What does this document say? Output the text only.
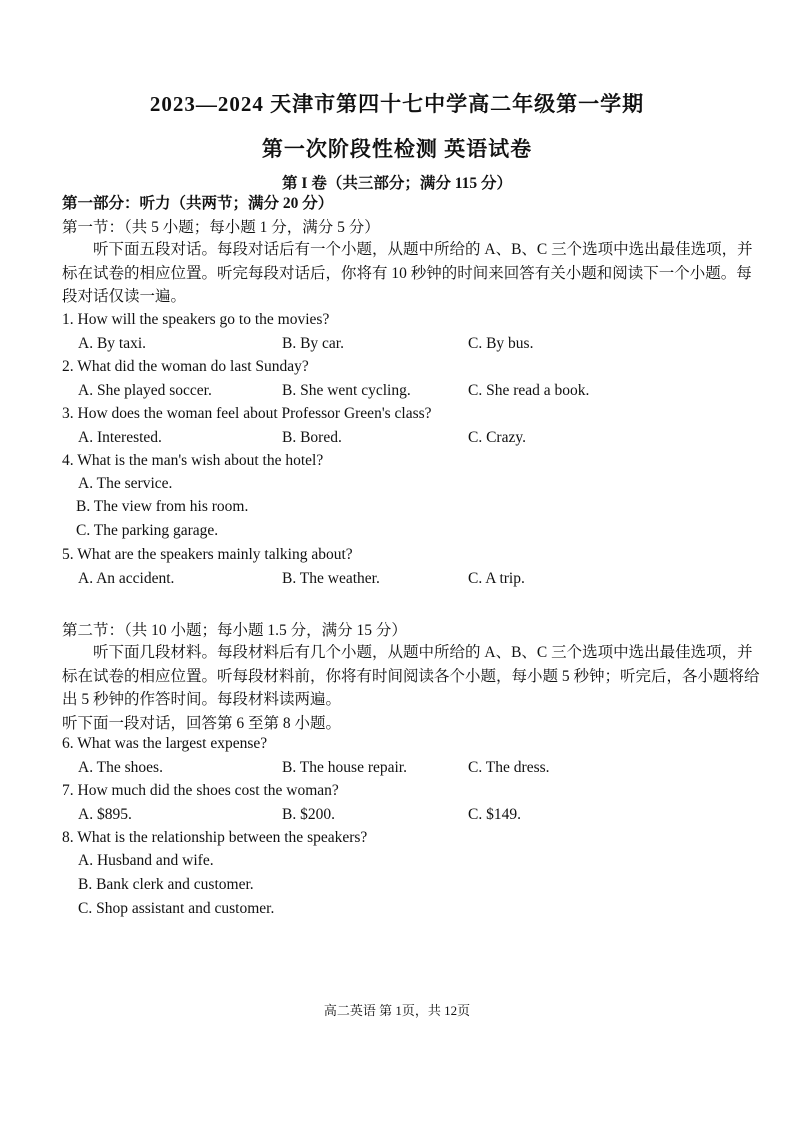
2023—2024 天津市第四十七中学高二年级第一学期
第一次阶段性检测 英语试卷
第 I 卷（共三部分；满分 115 分）
第一部分：听力（共两节；满分 20 分）
第一节：（共 5 小题；每小题 1 分，满分 5 分）
听下面五段对话。每段对话后有一个小题，从题中所给的 A、B、C 三个选项中选出最佳选项，并标在试卷的相应位置。听完每段对话后，你将有 10 秒钟的时间来回答有关小题和阅读下一个小题。每段对话仅读一遍。
1. How will the speakers go to the movies?
A. By taxi.	B. By car.	C. By bus.
2. What did the woman do last Sunday?
A. She played soccer.	B. She went cycling.	C. She read a book.
3. How does the woman feel about Professor Green's class?
A. Interested.	B. Bored.	C. Crazy.
4. What is the man's wish about the hotel?
A. The service.
B. The view from his room.
C. The parking garage.
5. What are the speakers mainly talking about?
A. An accident.	B. The weather.	C. A trip.
第二节：（共 10 小题；每小题 1.5 分，满分 15 分）
听下面几段材料。每段材料后有几个小题，从题中所给的 A、B、C 三个选项中选出最佳选项，并标在试卷的相应位置。听每段材料前，你将有时间阅读各个小题，每小题 5 秒钟；听完后，各小题将给出 5 秒钟的作答时间。每段材料读两遍。
听下面一段对话，回答第 6 至第 8 小题。
6. What was the largest expense?
A. The shoes.	B. The house repair.	C. The dress.
7. How much did the shoes cost the woman?
A. $895.	B. $200.	C. $149.
8. What is the relationship between the speakers?
A. Husband and wife.
B. Bank clerk and customer.
C. Shop assistant and customer.
高二英语 第 1页，共 12页
